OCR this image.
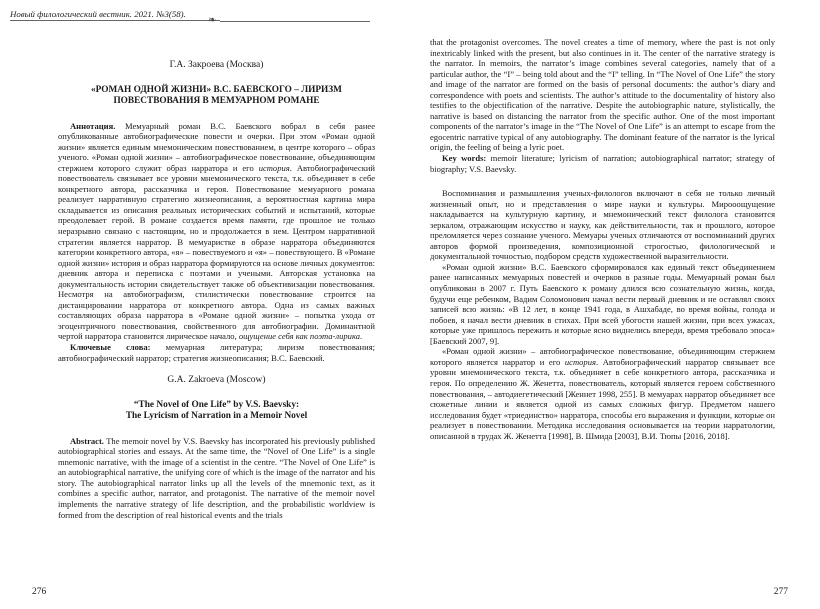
Новый филологический вестник. 2021. №3(58).
❧

Г.А. Закроева (Москва)

«РОМАН ОДНОЙ ЖИЗНИ» В.С. БАЕВСКОГО – ЛИРИЗМ
ПОВЕСТВОВАНИЯ В МЕМУАРНОМ РОМАНЕ

Аннотация. Мемуарный роман В.С. Баевского вобрал в себя ранее опубликованные автобиографические повести и очерки. При этом «Роман одной жизни» является единым мнемоническим повествованием, в центре которого – образ ученого. «Роман одной жизни» – автобиографическое повествование, объединяющим стержнем которого служит образ нарратора и его история. Автобиографический повествователь связывает все уровни мнемонического текста, т.к. объединяет в себе конкретного автора, рассказчика и героя. Повествование мемуарного романа реализует нарративную стратегию жизнеописания, а вероятностная картина мира складывается из описания реальных исторических событий и испытаний, которые преодолевает герой. В романе создается время памяти, где прошлое не только неразрывно связано с настоящим, но и продолжается в нем. Центром нарративной стратегии является нарратор. В мемуаристке в образе нарратора объединяются категории конкретного автора, «я» – повествуемого и «я» – повествующего. В «Романе одной жизни» история и образ нарратора формируются на основе личных документов: дневник автора и переписка с поэтами и учеными. Авторская установка на документальность истории свидетельствует также об объективизации повествования. Несмотря на автобиографизм, стилистически повествование строится на дистанцировании нарратора от конкретного автора. Одна из самых важных составляющих образа нарратора в «Романе одной жизни» – попытка ухода от эгоцентричного повествования, свойственного для автобиографии. Доминантной чертой нарратора становится лирическое начало, ощущение себя как поэта-лирика.

Ключевые слова: мемуарная литература; лиризм повествования; автобиографический нарратор; стратегия жизнеописания; В.С. Баевский.

G.A. Zakroeva (Moscow)

“The Novel of One Life” by V.S. Baevsky:
The Lyricism of Narration in a Memoir Novel

Abstract. The memoir novel by V.S. Baevsky has incorporated his previously published autobiographical stories and essays. At the same time, the “Novel of One Life” is a single mnemonic narrative, with the image of a scientist in the centre. “The Novel of One Life” is an autobiographical narrative, the unifying core of which is the image of the narrator and his story. The autobiographical narrator links up all the levels of the mnemonic text, as it combines a specific author, narrator, and protagonist. The narrative of the memoir novel implements the narrative strategy of life description, and the probabilistic worldview is formed from the description of real historical events and the trials

276

that the protagonist overcomes. The novel creates a time of memory, where the past is not only inextricably linked with the present, but also continues in it. The center of the narrative strategy is the narrator. In memoirs, the narrator’s image combines several categories, namely that of a particular author, the “I” – being told about and the “I” telling. In “The Novel of One Life” the story and image of the narrator are formed on the basis of personal documents: the author’s diary and correspondence with poets and scientists. The author’s attitude to the documentality of history also testifies to the objectification of the narrative. Despite the autobiographic nature, stylistically, the narrative is based on distancing the narrator from the specific author. One of the most important components of the narrator’s image in the “The Novel of One Life” is an attempt to escape from the egocentric narrative typical of any autobiography. The dominant feature of the narrator is the lyrical origin, the feeling of being a lyric poet.

Key words: memoir literature; lyricism of narration; autobiographical narrator; strategy of biography; V.S. Baevsky.

Воспоминания и размышления ученых-филологов включают в себя не только личный жизненный опыт, но и представления о мире науки и культуры. Мирооощущение накладывается на культурную картину, и мнемонический текст филолога становится зеркалом, отражающим искусство и науку, как действительности, так и прошлого, которое преломляется через сознание ученого. Мемуары ученых отличаются от воспоминаний других авторов формой произведения, композиционной строгостью, филологической и документальной точностью, подбором средств художественной выразительности.

«Роман одной жизни» В.С. Баевского сформировался как единый текст объединением ранее написанных мемуарных повестей и очерков в разные годы. Мемуарный роман был опубликован в 2007 г. Путь Баевского к роману длился всю сознательную жизнь, когда, будучи еще ребенком, Вадим Соломонович начал вести первый дневник и не оставлял своих записей всю жизнь: «В 12 лет, в конце 1941 года, в Ашхабаде, во время войны, голода и побоев, я начал вести дневник в стихах. При всей убогости нашей жизни, при всех ужасах, которые уже пришлось пережить и которые ясно виднелись впереди, время требовало эпоса» [Баевский 2007, 9].

«Роман одной жизни» – автобиографическое повествование, объединяющим стержнем которого является нарратор и его история. Автобиографический нарратор связывает все уровни мнемонического текста, т.к. объединяет в себе конкретного автора, рассказчика и героя. По определению Ж. Женетта, повествователь, который является героем собственного повествования, – автодиегетический [Женнет 1998, 255]. В мемуарах нарратор объединяет все сюжетные линии и является одной из самых сложных фигур. Предметом нашего исследования будет «триединство» нарратора, способы его выражения и функции, которые он реализует в повествовании. Методика исследования основывается на теории нарратологии, описанной в трудах Ж. Женетта [1998], В. Шмида [2003], В.И. Тюпы [2016, 2018].

277
